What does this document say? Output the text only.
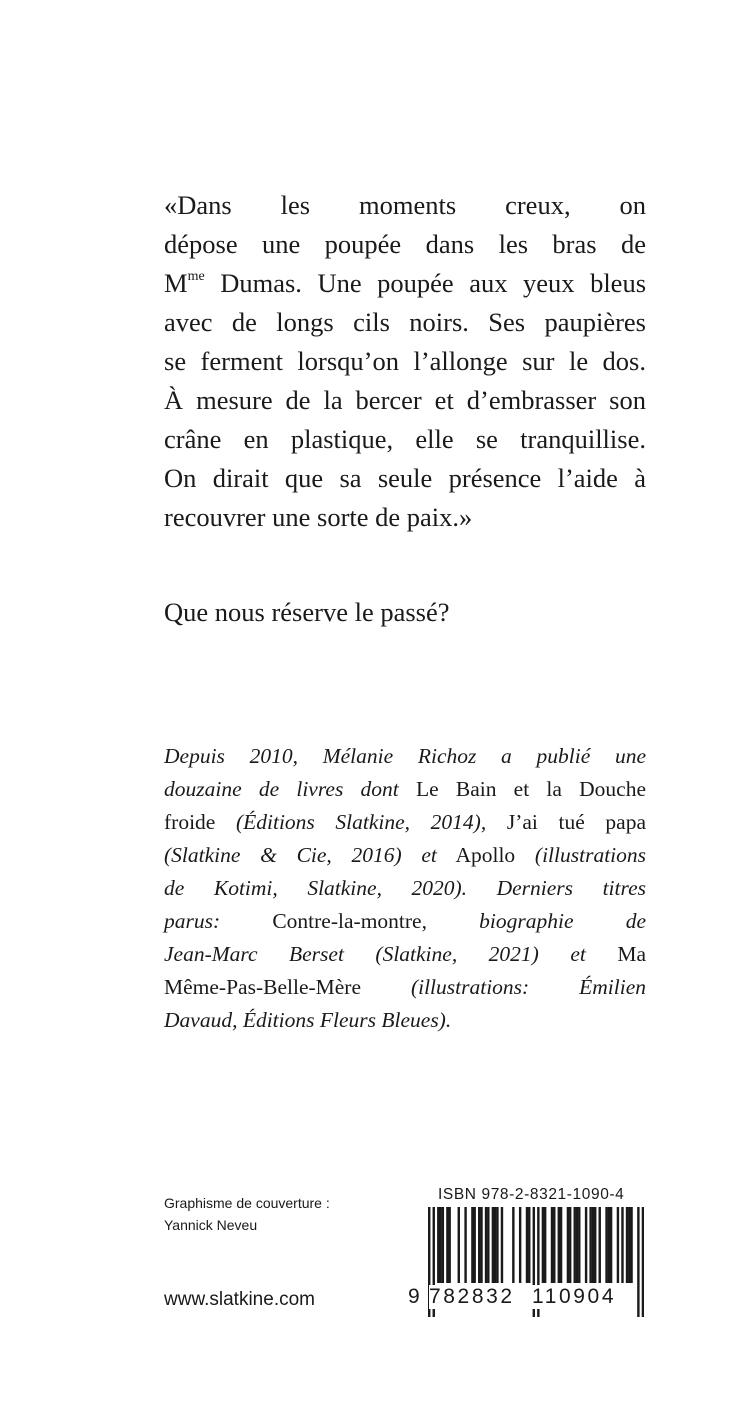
«Dans les moments creux, on
dépose une poupée dans les bras de
$M^{me}$ Dumas. Une poupée aux yeux bleus
avec de longs cils noirs. Ses paupières
se ferment lorsqu’on l’allonge sur le dos.
À mesure de la bercer et d’embrasser son
crâne en plastique, elle se tranquillise.
On dirait que sa seule présence l’aide à
recouvrer une sorte de paix.»
Que nous réserve le passé?
Depuis 2010, Mélanie Richoz a publié une
douzaine de livres dont Le Bain et la Douche
froide (Éditions Slatkine, 2014), J’ai tué papa
(Slatkine & Cie, 2016) et Apollo (illustrations
de Kotimi, Slatkine, 2020). Derniers titres
parus: Contre-la-montre, biographie de
Jean-Marc Berset (Slatkine, 2021) et Ma
Même-Pas-Belle-Mère (illustrations: Émilien
Davaud, Éditions Fleurs Bleues).
Graphisme de couverture :
Yannick Neveu
www.slatkine.com
ISBN 978-2-8321-1090-4
9 782832 110904
